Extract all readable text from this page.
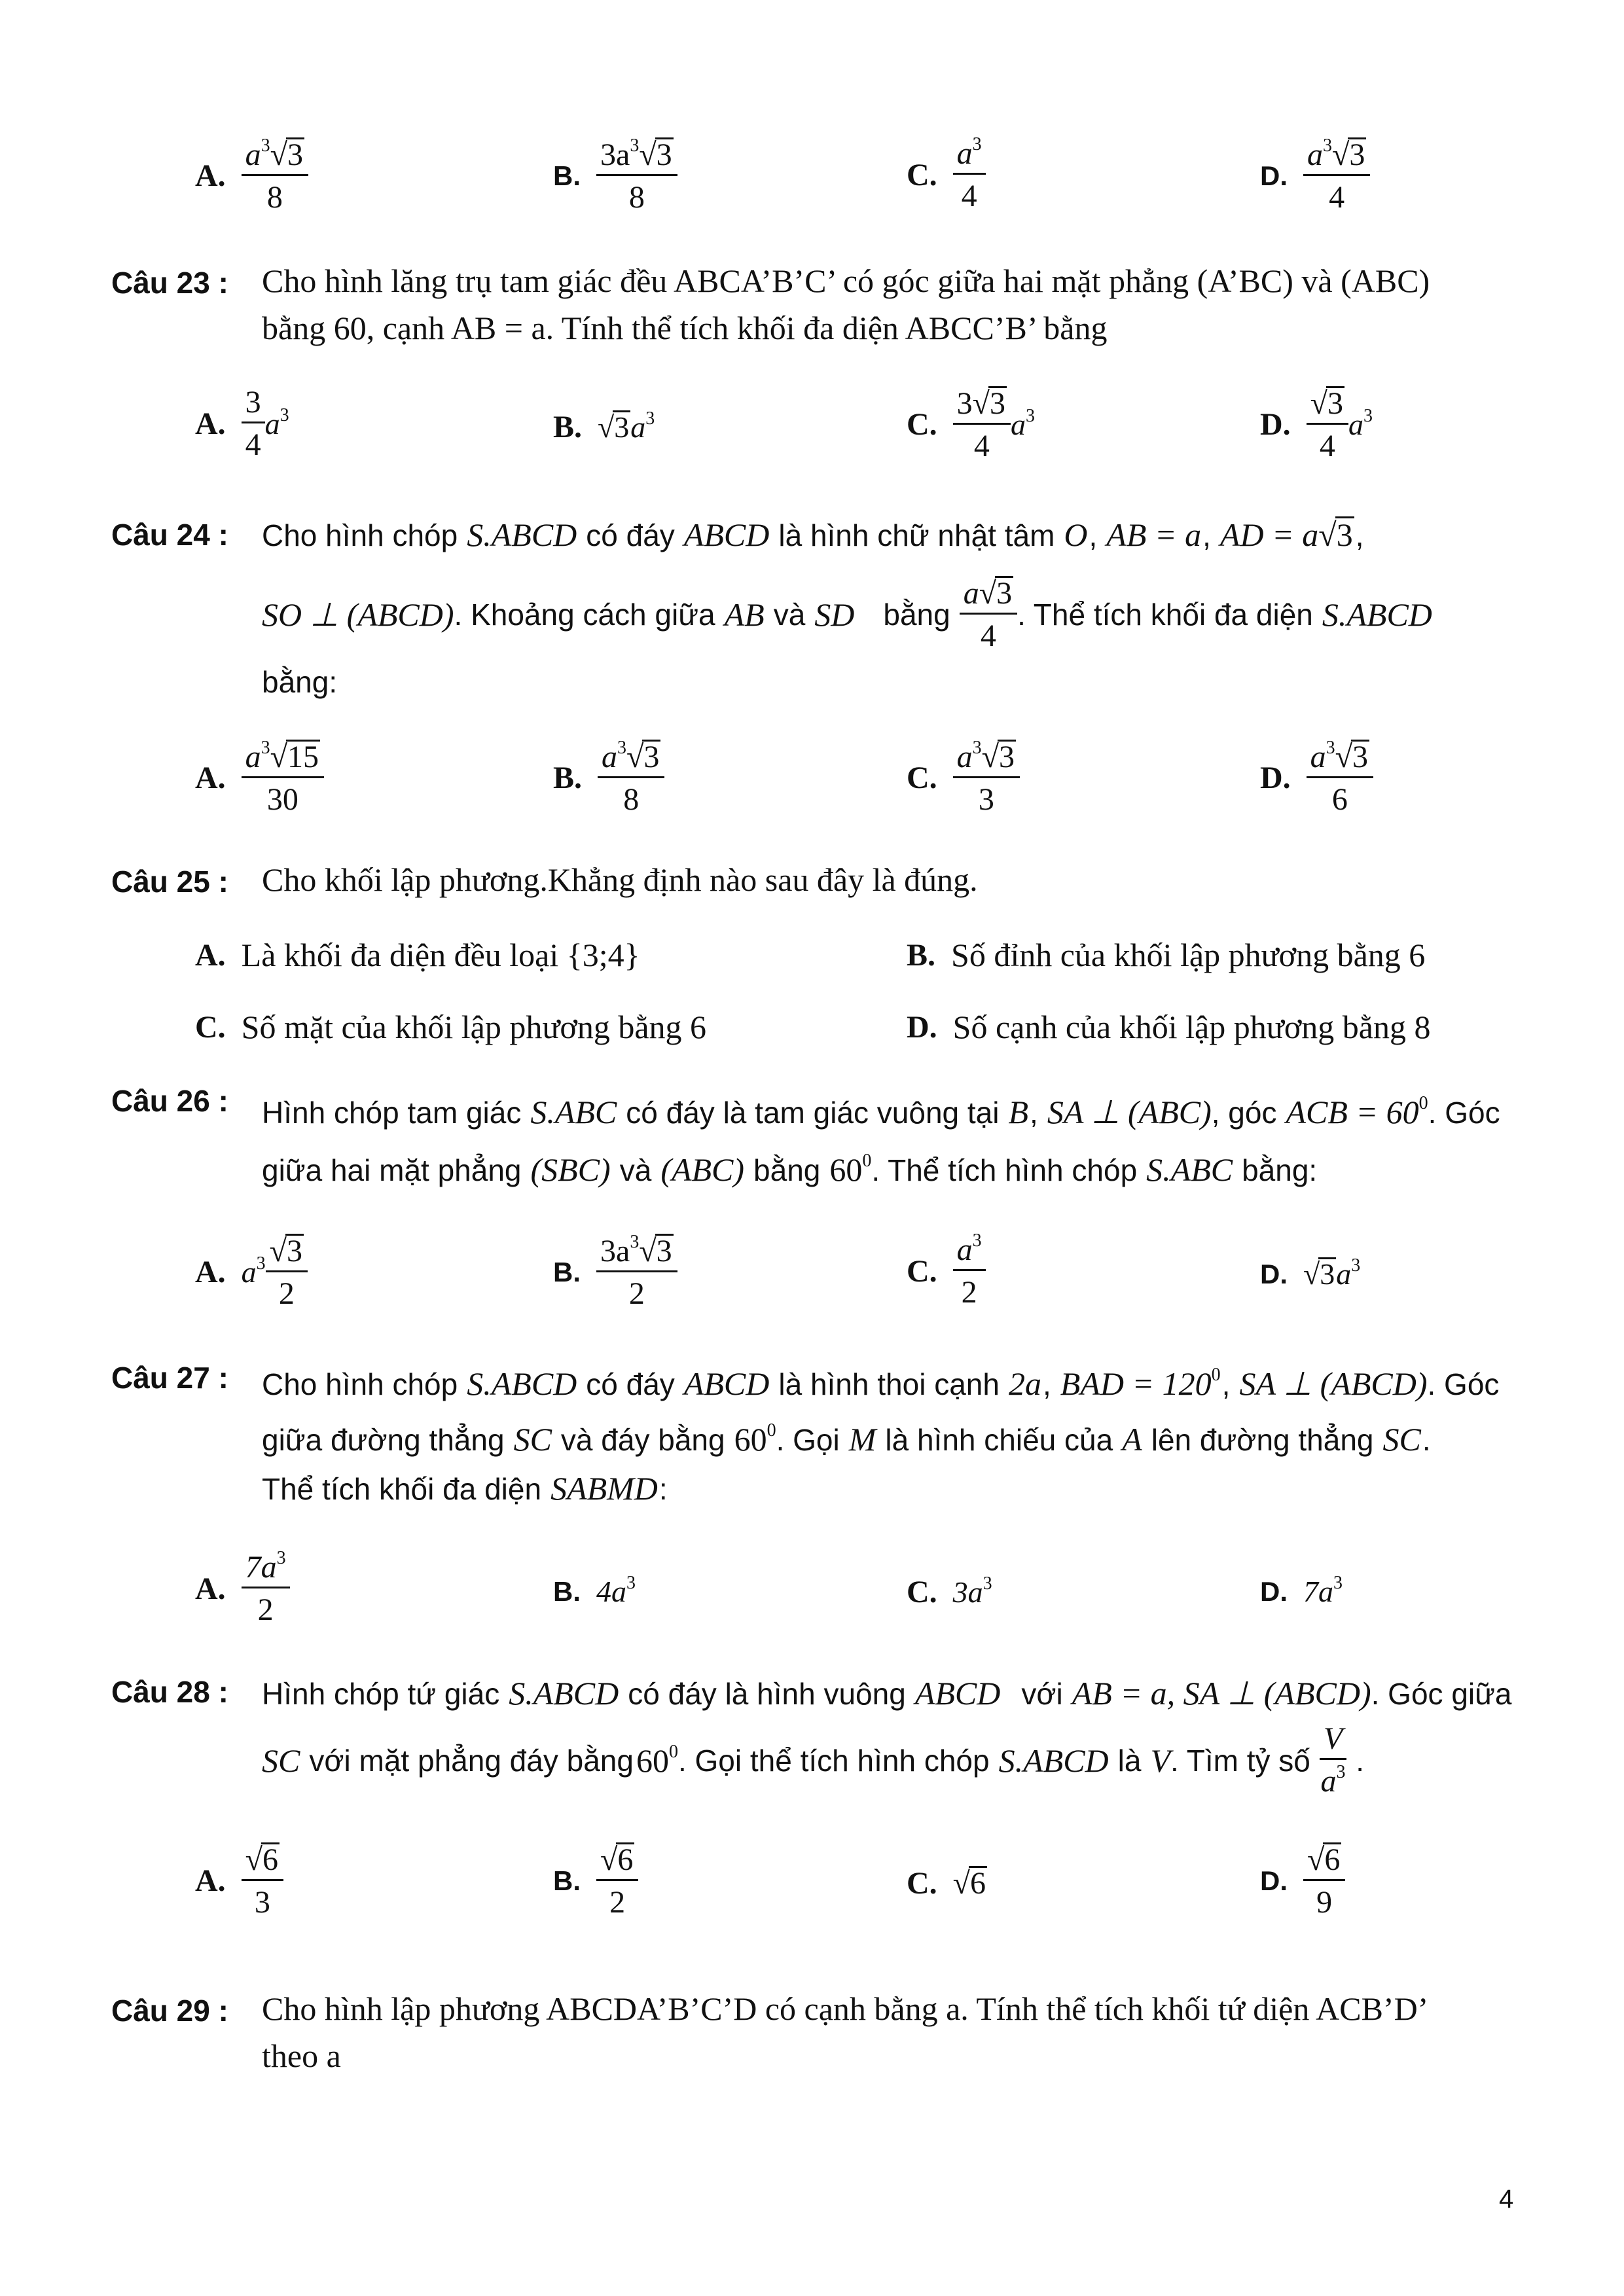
A. $\frac{a^3√3}{8}$	B. $\frac{3a^3√3}{8}$	C. $\frac{a^3}{4}$	D. $\frac{a^3√3}{4}$
Câu 23 : Cho hình lăng trụ tam giác đều ABCA’B’C’ có góc giữa hai mặt phẳng (A’BC) và (ABC)
bằng 60, cạnh AB = a. Tính thể tích khối đa diện ABCC’B’ bằng
A. $\frac{3}{4} a^3$	B. $√3a^3$	C. $\frac{3√3}{4} a^3$	D. $\frac{√3}{4} a^3$
Câu 24 : Cho hình chóp S.ABCD có đáy ABCD là hình chữ nhật tâm O , AB = a , AD = a√3 ,
SO ⊥ (ABCD) . Khoảng cách giữa AB và SD bằng $\frac{a√3}{4}$ . Thể tích khối đa diện S.ABCD
bằng:
A. $\frac{a^3√15}{30}$	B. $\frac{a^3√3}{8}$	C. $\frac{a^3√3}{3}$	D. $\frac{a^3√3}{6}$
Câu 25 : Cho khối lập phương.Khẳng định nào sau đây là đúng.
A. Là khối đa diện đều loại {3;4}	B. Số đỉnh của khối lập phương bằng 6
C. Số mặt của khối lập phương bằng 6	D. Số cạnh của khối lập phương bằng 8
Câu 26 : Hình chóp tam giác S.ABC có đáy là tam giác vuông tại B , SA ⊥ (ABC) , góc ACB = $60^0$ . Góc
giữa hai mặt phẳng (SBC) và (ABC) bằng $60^0$ . Thể tích hình chóp S.ABC bằng:
A. $a^3 \frac{√3}{2}$	B. $\frac{3a^3√3}{2}$	C. $\frac{a^3}{2}$	D. $√3a^3$
Câu 27 : Cho hình chóp S.ABCD có đáy ABCD là hình thoi cạnh 2a , BAD = $120^0$ , SA ⊥ (ABCD) . Góc
giữa đường thẳng SC và đáy bằng $60^0$ . Gọi M là hình chiếu của A lên đường thẳng SC .
Thể tích khối đa diện SABMD :
A. $\frac{7a^3}{2}$	B. $4a^3$	C. $3a^3$	D. $7a^3$
Câu 28 : Hình chóp tứ giác S.ABCD có đáy là hình vuông ABCD với AB = a, SA ⊥ (ABCD) . Góc giữa
SC với mặt phẳng đáy bằng $60^0$ . Gọi thể tích hình chóp S.ABCD là V . Tìm tỷ số $\frac{V}{a^3}$ .
A. $\frac{√6}{3}$	B. $\frac{√6}{2}$	C. √6	D. $\frac{√6}{9}$
Câu 29 : Cho hình lập phương ABCDA’B’C’D có cạnh bằng a. Tính thể tích khối tứ diện ACB’D’
theo a
4
